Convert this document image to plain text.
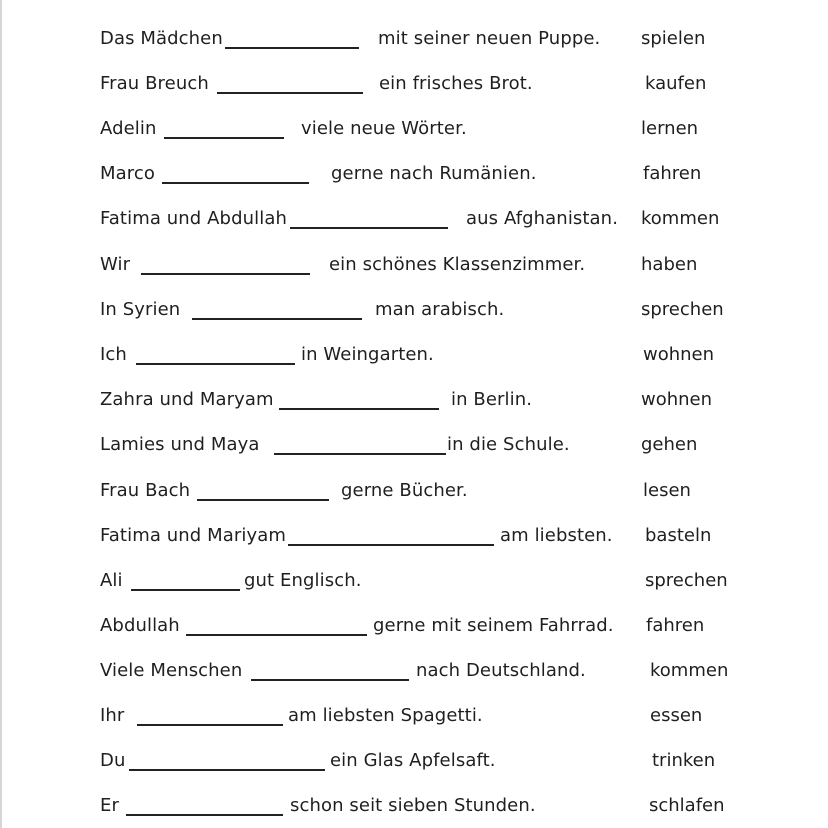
Das Mädchen	mit seiner neuen Puppe. spielen
Frau Breuch	ein frisches Brot.	kaufen
Adelin	viele neue Wörter.	lernen
Marco	gerne nach Rumänien.	fahren
Fatima und Abdullah	aus Afghanistan. kommen
Wir	ein schönes Klassenzimmer.	haben
In Syrien	man arabisch.	sprechen
Ich	in Weingarten.	wohnen
Zahra und Maryam	in Berlin.	wohnen
Lamies und Maya	in die Schule.	gehen
Frau Bach	gerne Bücher.	lesen
Fatima und Mariyam	am liebsten. basteln
Ali	gut Englisch.	sprechen
Abdullah	gerne mit seinem Fahrrad. fahren
Viele Menschen	nach Deutschland.	kommen
Ihr	am liebsten Spagetti.	essen
Du	ein Glas Apfelsaft.	trinken
Er	schon seit sieben Stunden.	schlafen
